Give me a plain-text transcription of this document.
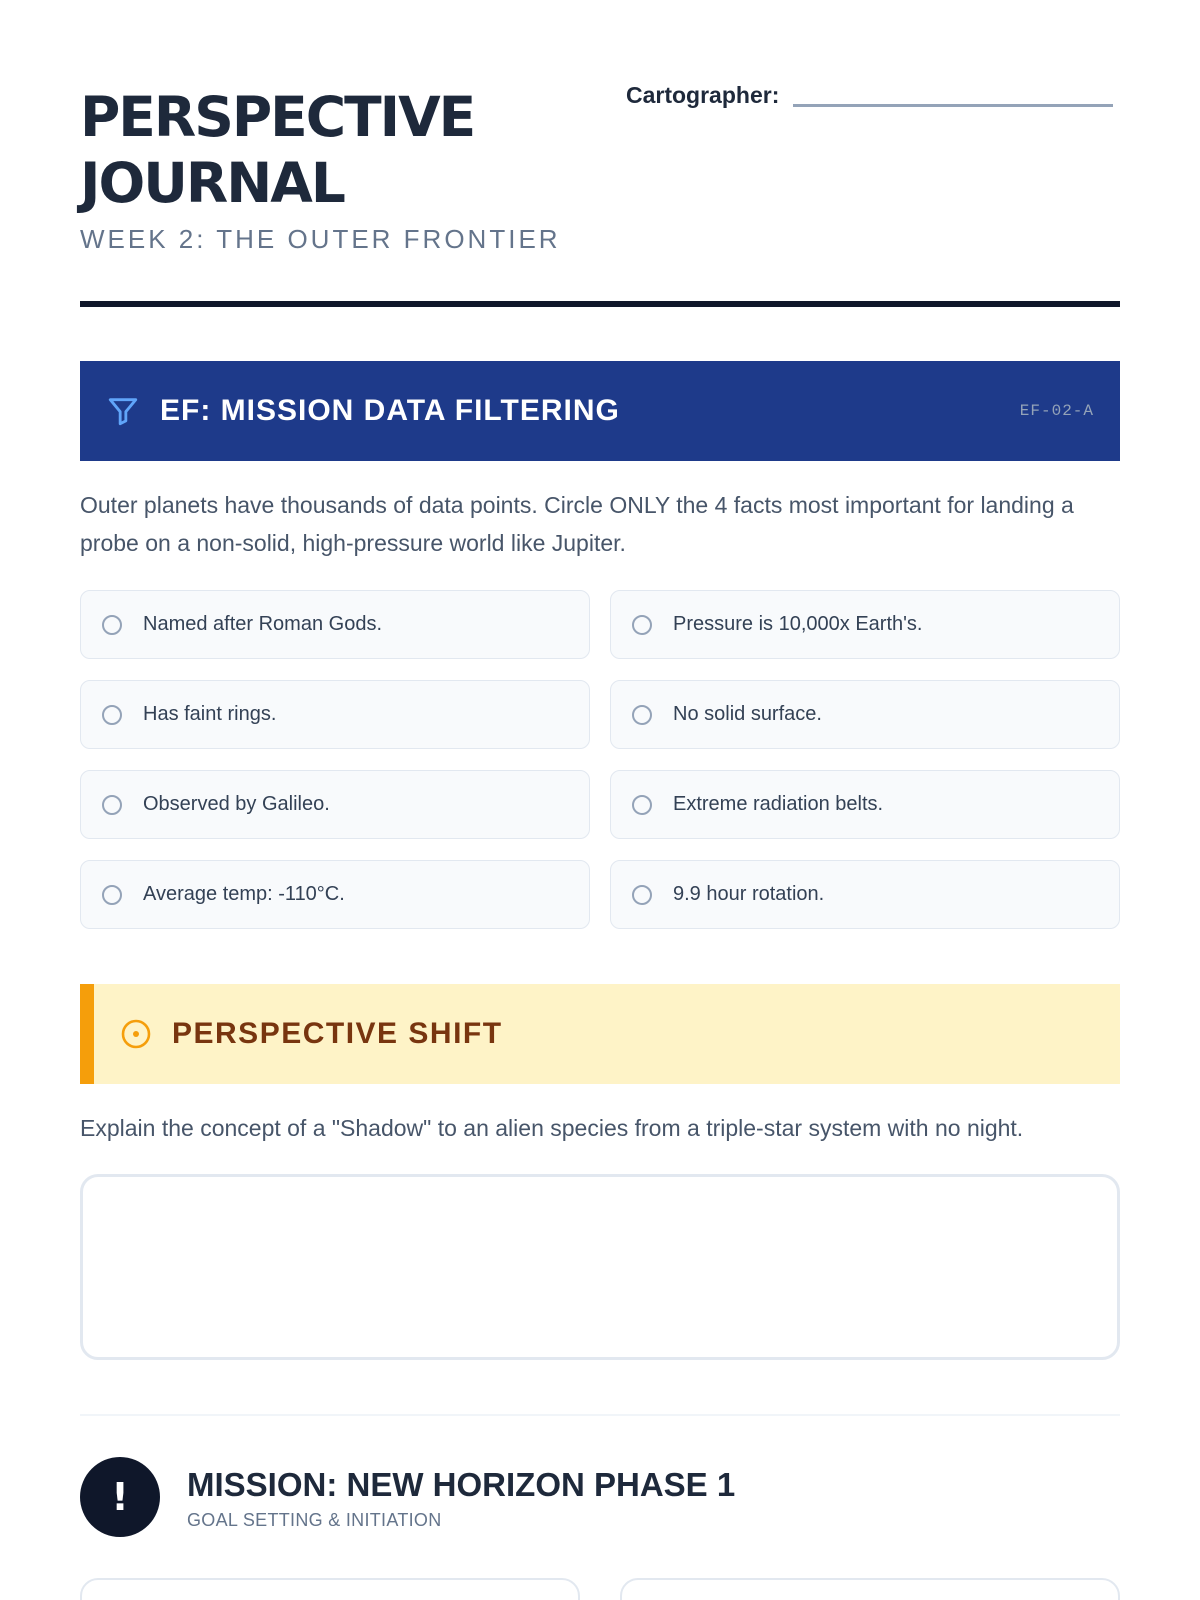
PERSPECTIVE JOURNAL
WEEK 2: THE OUTER FRONTIER
Cartographer:
EF: MISSION DATA FILTERING	EF-02-A
Outer planets have thousands of data points. Circle ONLY the 4 facts most important for landing a probe on a non-solid, high-pressure world like Jupiter.
Named after Roman Gods.	Pressure is 10,000x Earth's.
Has faint rings.	No solid surface.
Observed by Galileo.	Extreme radiation belts.
Average temp: -110°C.	9.9 hour rotation.
PERSPECTIVE SHIFT
Explain the concept of a "Shadow" to an alien species from a triple-star system with no night.
!	MISSION: NEW HORIZON PHASE 1
GOAL SETTING & INITIATION
